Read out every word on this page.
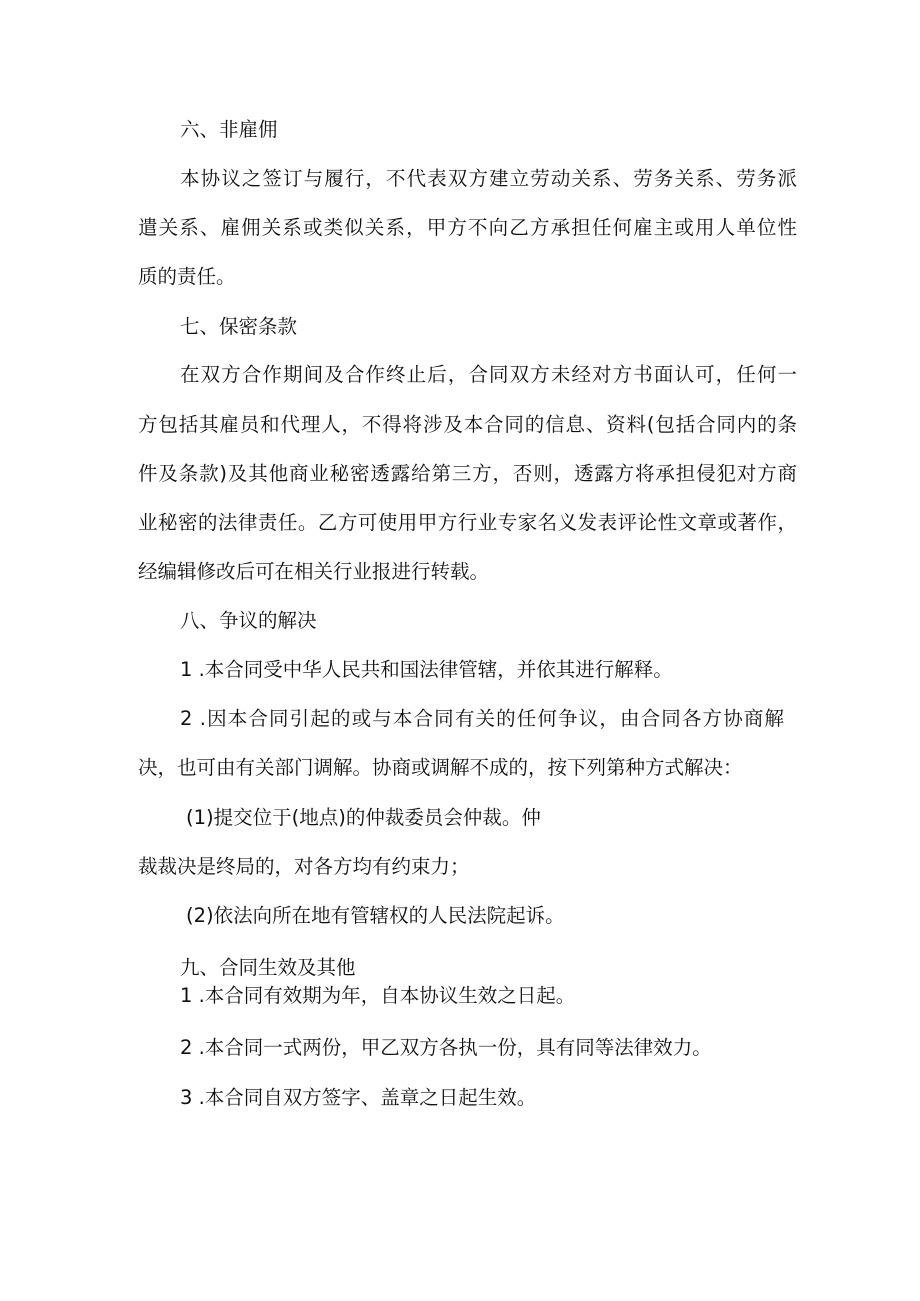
六、非雇佣
本协议之签订与履行，不代表双方建立劳动关系、劳务关系、劳务派
遣关系、雇佣关系或类似关系，甲方不向乙方承担任何雇主或用人单位性
质的责任。
七、保密条款
在双方合作期间及合作终止后，合同双方未经对方书面认可，任何一
方包括其雇员和代理人，不得将涉及本合同的信息、资料(包括合同内的条
件及条款)及其他商业秘密透露给第三方，否则，透露方将承担侵犯对方商
业秘密的法律责任。乙方可使用甲方行业专家名义发表评论性文章或著作，
经编辑修改后可在相关行业报进行转载。
八、争议的解决
1 .本合同受中华人民共和国法律管辖，并依其进行解释。
2 .因本合同引起的或与本合同有关的任何争议，由合同各方协商解
决，也可由有关部门调解。协商或调解不成的，按下列第种方式解决：
(1)提交位于(地点)的仲裁委员会仲裁。仲
裁裁决是终局的，对各方均有约束力；
(2)依法向所在地有管辖权的人民法院起诉。
九、合同生效及其他
1 .本合同有效期为年，自本协议生效之日起。
2 .本合同一式两份，甲乙双方各执一份，具有同等法律效力。
3 .本合同自双方签字、盖章之日起生效。
